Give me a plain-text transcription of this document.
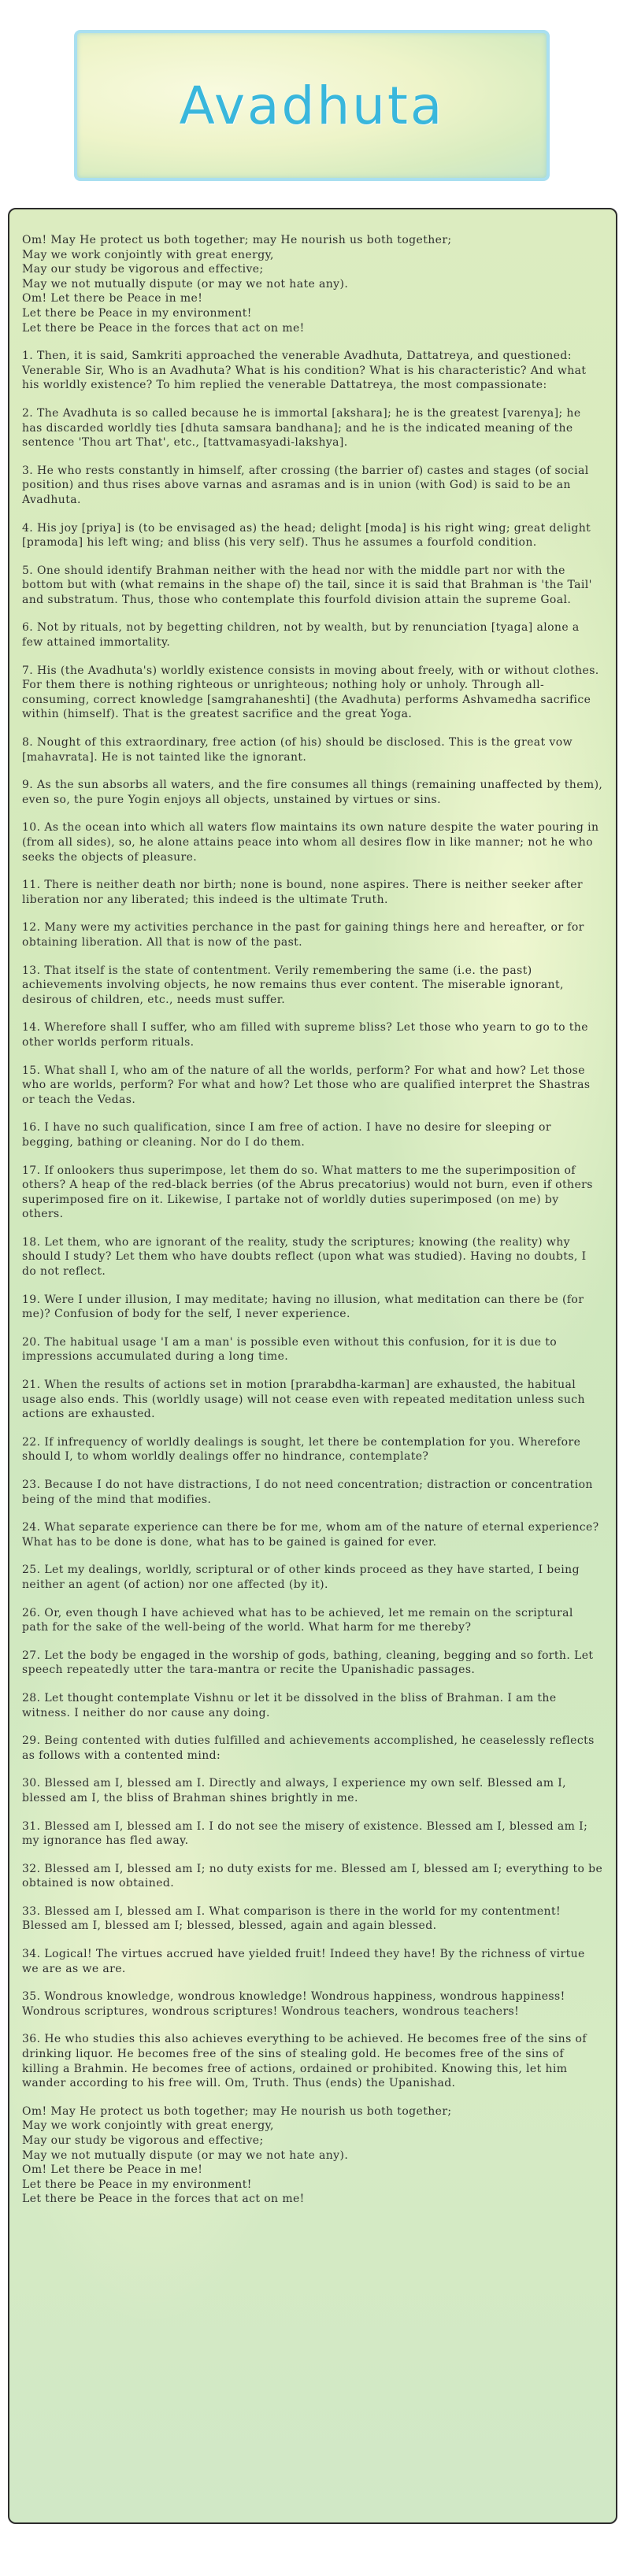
Avadhuta
Om! May He protect us both together; may He nourish us both together;
May we work conjointly with great energy,
May our study be vigorous and effective;
May we not mutually dispute (or may we not hate any).
Om! Let there be Peace in me!
Let there be Peace in my environment!
Let there be Peace in the forces that act on me!

1. Then, it is said, Samkriti approached the venerable Avadhuta, Dattatreya, and questioned: Venerable Sir, Who is an Avadhuta? What is his condition? What is his characteristic? And what his worldly existence? To him replied the venerable Dattatreya, the most compassionate:

2. The Avadhuta is so called because he is immortal [akshara]; he is the greatest [varenya]; he has discarded worldly ties [dhuta samsara bandhana]; and he is the indicated meaning of the sentence 'Thou art That', etc., [tattvamasyadi-lakshya].

3. He who rests constantly in himself, after crossing (the barrier of) castes and stages (of social position) and thus rises above varnas and asramas and is in union (with God) is said to be an Avadhuta.

4. His joy [priya] is (to be envisaged as) the head; delight [moda] is his right wing; great delight [pramoda] his left wing; and bliss (his very self). Thus he assumes a fourfold condition.

5. One should identify Brahman neither with the head nor with the middle part nor with the bottom but with (what remains in the shape of) the tail, since it is said that Brahman is 'the Tail' and substratum. Thus, those who contemplate this fourfold division attain the supreme Goal.

6. Not by rituals, not by begetting children, not by wealth, but by renunciation [tyaga] alone a few attained immortality.

7. His (the Avadhuta's) worldly existence consists in moving about freely, with or without clothes. For them there is nothing righteous or unrighteous; nothing holy or unholy. Through all-consuming, correct knowledge [samgrahaneshti] (the Avadhuta) performs Ashvamedha sacrifice within (himself). That is the greatest sacrifice and the great Yoga.

8. Nought of this extraordinary, free action (of his) should be disclosed. This is the great vow [mahavrata]. He is not tainted like the ignorant.

9. As the sun absorbs all waters, and the fire consumes all things (remaining unaffected by them), even so, the pure Yogin enjoys all objects, unstained by virtues or sins.

10. As the ocean into which all waters flow maintains its own nature despite the water pouring in (from all sides), so, he alone attains peace into whom all desires flow in like manner; not he who seeks the objects of pleasure.

11. There is neither death nor birth; none is bound, none aspires. There is neither seeker after liberation nor any liberated; this indeed is the ultimate Truth.

12. Many were my activities perchance in the past for gaining things here and hereafter, or for obtaining liberation. All that is now of the past.

13. That itself is the state of contentment. Verily remembering the same (i.e. the past) achievements involving objects, he now remains thus ever content. The miserable ignorant, desirous of children, etc., needs must suffer.

14. Wherefore shall I suffer, who am filled with supreme bliss? Let those who yearn to go to the other worlds perform rituals.

15. What shall I, who am of the nature of all the worlds, perform? For what and how? Let those who are worlds, perform? For what and how? Let those who are qualified interpret the Shastras or teach the Vedas.

16. I have no such qualification, since I am free of action. I have no desire for sleeping or begging, bathing or cleaning. Nor do I do them.

17. If onlookers thus superimpose, let them do so. What matters to me the superimposition of others? A heap of the red-black berries (of the Abrus precatorius) would not burn, even if others superimposed fire on it. Likewise, I partake not of worldly duties superimposed (on me) by others.

18. Let them, who are ignorant of the reality, study the scriptures; knowing (the reality) why should I study? Let them who have doubts reflect (upon what was studied). Having no doubts, I do not reflect.

19. Were I under illusion, I may meditate; having no illusion, what meditation can there be (for me)? Confusion of body for the self, I never experience.

20. The habitual usage 'I am a man' is possible even without this confusion, for it is due to impressions accumulated during a long time.

21. When the results of actions set in motion [prarabdha-karman] are exhausted, the habitual usage also ends. This (worldly usage) will not cease even with repeated meditation unless such actions are exhausted.

22. If infrequency of worldly dealings is sought, let there be contemplation for you. Wherefore should I, to whom worldly dealings offer no hindrance, contemplate?

23. Because I do not have distractions, I do not need concentration; distraction or concentration being of the mind that modifies.

24. What separate experience can there be for me, whom am of the nature of eternal experience? What has to be done is done, what has to be gained is gained for ever.

25. Let my dealings, worldly, scriptural or of other kinds proceed as they have started, I being neither an agent (of action) nor one affected (by it).

26. Or, even though I have achieved what has to be achieved, let me remain on the scriptural path for the sake of the well-being of the world. What harm for me thereby?

27. Let the body be engaged in the worship of gods, bathing, cleaning, begging and so forth. Let speech repeatedly utter the tara-mantra or recite the Upanishadic passages.

28. Let thought contemplate Vishnu or let it be dissolved in the bliss of Brahman. I am the witness. I neither do nor cause any doing.

29. Being contented with duties fulfilled and achievements accomplished, he ceaselessly reflects as follows with a contented mind:

30. Blessed am I, blessed am I. Directly and always, I experience my own self. Blessed am I, blessed am I, the bliss of Brahman shines brightly in me.

31. Blessed am I, blessed am I. I do not see the misery of existence. Blessed am I, blessed am I; my ignorance has fled away.

32. Blessed am I, blessed am I; no duty exists for me. Blessed am I, blessed am I; everything to be obtained is now obtained.

33. Blessed am I, blessed am I. What comparison is there in the world for my contentment! Blessed am I, blessed am I; blessed, blessed, again and again blessed.

34. Logical! The virtues accrued have yielded fruit! Indeed they have! By the richness of virtue we are as we are.

35. Wondrous knowledge, wondrous knowledge! Wondrous happiness, wondrous happiness! Wondrous scriptures, wondrous scriptures! Wondrous teachers, wondrous teachers!

36. He who studies this also achieves everything to be achieved. He becomes free of the sins of drinking liquor. He becomes free of the sins of stealing gold. He becomes free of the sins of killing a Brahmin. He becomes free of actions, ordained or prohibited. Knowing this, let him wander according to his free will. Om, Truth. Thus (ends) the Upanishad.

Om! May He protect us both together; may He nourish us both together;
May we work conjointly with great energy,
May our study be vigorous and effective;
May we not mutually dispute (or may we not hate any).
Om! Let there be Peace in me!
Let there be Peace in my environment!
Let there be Peace in the forces that act on me!
